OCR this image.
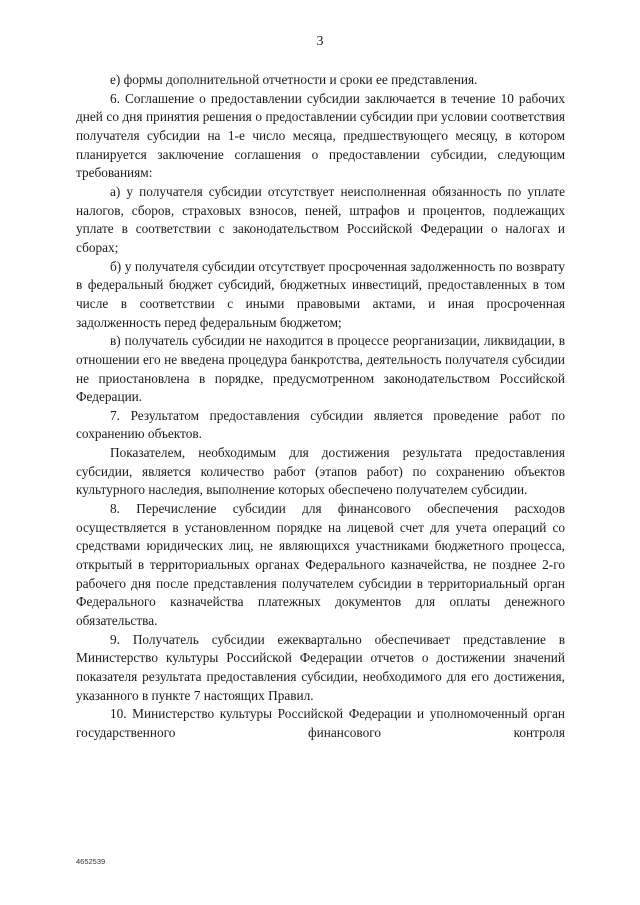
3

е) формы дополнительной отчетности и сроки ее представления.

6. Соглашение о предоставлении субсидии заключается в течение 10 рабочих дней со дня принятия решения о предоставлении субсидии при условии соответствия получателя субсидии на 1-е число месяца, предшествующего месяцу, в котором планируется заключение соглашения о предоставлении субсидии, следующим требованиям:

а) у получателя субсидии отсутствует неисполненная обязанность по уплате налогов, сборов, страховых взносов, пеней, штрафов и процентов, подлежащих уплате в соответствии с законодательством Российской Федерации о налогах и сборах;

б) у получателя субсидии отсутствует просроченная задолженность по возврату в федеральный бюджет субсидий, бюджетных инвестиций, предоставленных в том числе в соответствии с иными правовыми актами, и иная просроченная задолженность перед федеральным бюджетом;

в) получатель субсидии не находится в процессе реорганизации, ликвидации, в отношении его не введена процедура банкротства, деятельность получателя субсидии не приостановлена в порядке, предусмотренном законодательством Российской Федерации.

7. Результатом предоставления субсидии является проведение работ по сохранению объектов.

Показателем, необходимым для достижения результата предоставления субсидии, является количество работ (этапов работ) по сохранению объектов культурного наследия, выполнение которых обеспечено получателем субсидии.

8. Перечисление субсидии для финансового обеспечения расходов осуществляется в установленном порядке на лицевой счет для учета операций со средствами юридических лиц, не являющихся участниками бюджетного процесса, открытый в территориальных органах Федерального казначейства, не позднее 2-го рабочего дня после представления получателем субсидии в территориальный орган Федерального казначейства платежных документов для оплаты денежного обязательства.

9. Получатель субсидии ежеквартально обеспечивает представление в Министерство культуры Российской Федерации отчетов о достижении значений показателя результата предоставления субсидии, необходимого для его достижения, указанного в пункте 7 настоящих Правил.

10. Министерство культуры Российской Федерации и уполномоченный орган государственного финансового контроля

4652539
